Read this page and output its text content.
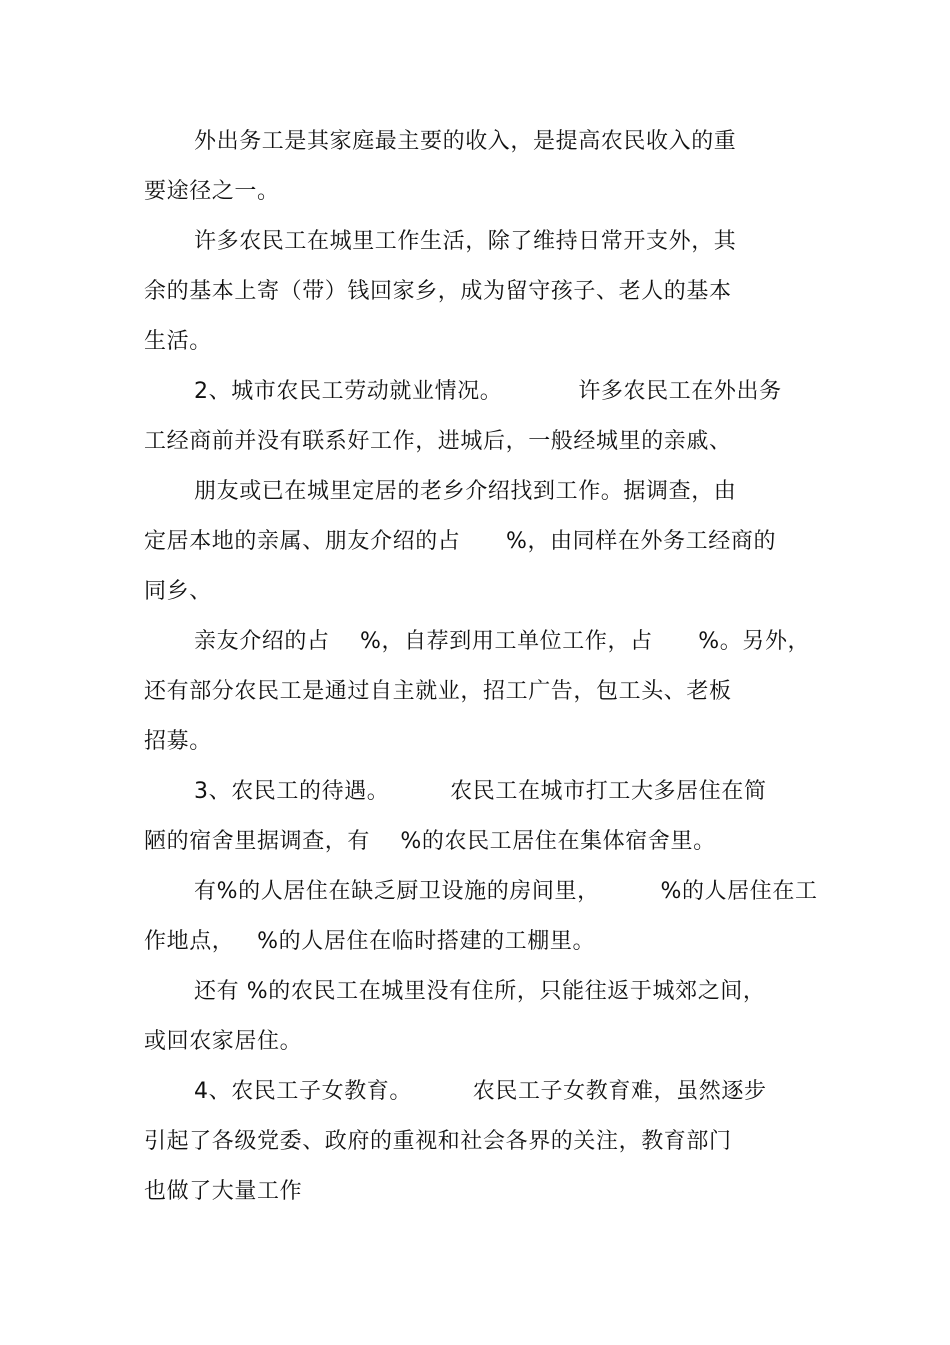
外出务工是其家庭最主要的收入，是提高农民收入的重
要途径之一。
许多农民工在城里工作生活，除了维持日常开支外，其
余的基本上寄（带）钱回家乡，成为留守孩子、老人的基本
生活。
2、城市农民工劳动就业情况。          许多农民工在外出务
工经商前并没有联系好工作，进城后，一般经城里的亲戚、
朋友或已在城里定居的老乡介绍找到工作。据调查，由
定居本地的亲属、朋友介绍的占      %，由同样在外务工经商的
同乡、
亲友介绍的占    %，自荐到用工单位工作，占      %。另外，
还有部分农民工是通过自主就业，招工广告，包工头、老板
招募。
3、农民工的待遇。        农民工在城市打工大多居住在简
陋的宿舍里据调查，有    %的农民工居住在集体宿舍里。
有%的人居住在缺乏厨卫设施的房间里，        %的人居住在工
作地点，   %的人居住在临时搭建的工棚里。
还有 %的农民工在城里没有住所，只能往返于城郊之间，
或回农家居住。
4、农民工子女教育。        农民工子女教育难，虽然逐步
引起了各级党委、政府的重视和社会各界的关注，教育部门
也做了大量工作
